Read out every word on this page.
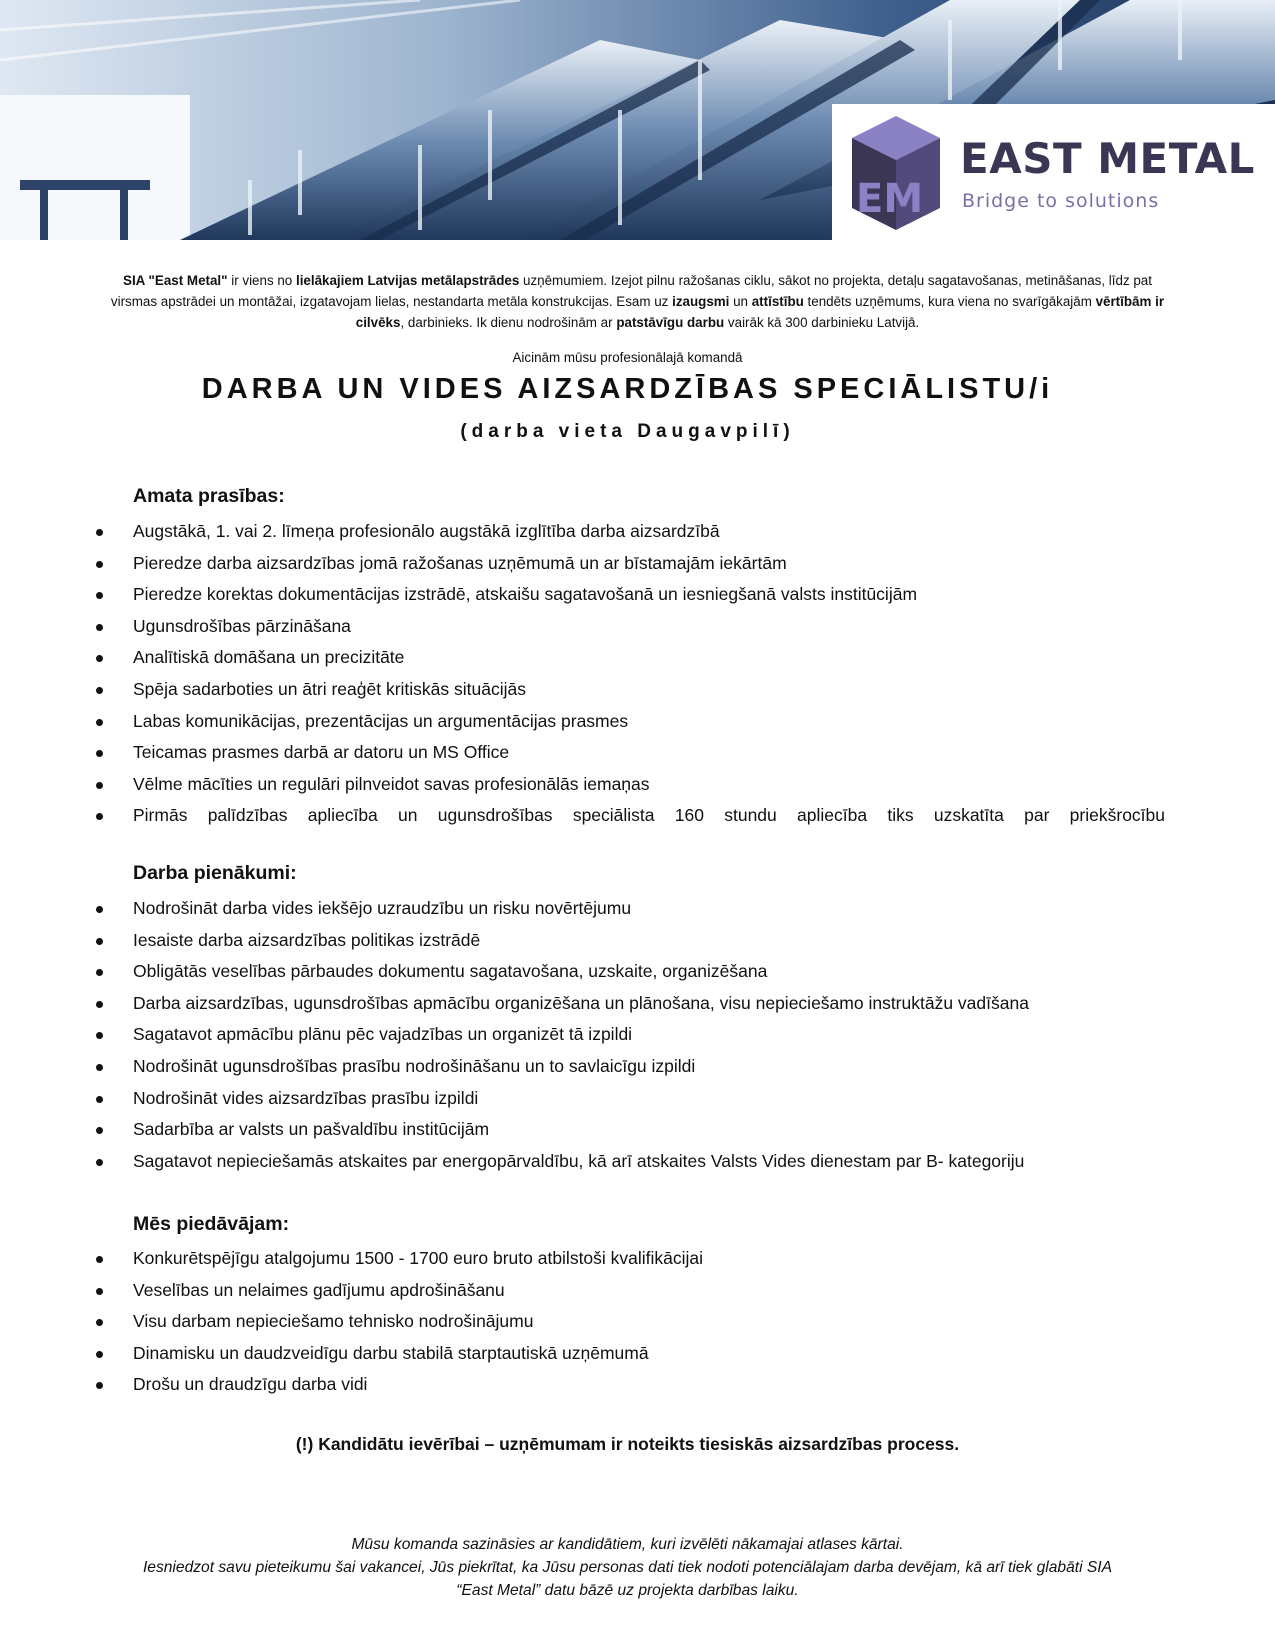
EM
EAST METAL
Bridge to solutions
SIA "East Metal" ir viens no lielākajiem Latvijas metālapstrādes uzņēmumiem. Izejot pilnu ražošanas ciklu, sākot no projekta, detaļu sagatavošanas, metināšanas, līdz pat virsmas apstrādei un montāžai, izgatavojam lielas, nestandarta metāla konstrukcijas. Esam uz izaugsmi un attīstību tendēts uzņēmums, kura viena no svarīgākajām vērtībām ir cilvēks, darbinieks. Ik dienu nodrošinām ar patstāvīgu darbu vairāk kā 300 darbinieku Latvijā.
Aicinām mūsu profesionālajā komandā
DARBA UN VIDES AIZSARDZĪBAS SPECIĀLISTU/i
(darba vieta Daugavpilī)
Amata prasības:
Augstākā, 1. vai 2. līmeņa profesionālo augstākā izglītība darba aizsardzībā
Pieredze darba aizsardzības jomā ražošanas uzņēmumā un ar bīstamajām iekārtām
Pieredze korektas dokumentācijas izstrādē, atskaišu sagatavošanā un iesniegšanā valsts institūcijām
Ugunsdrošības pārzināšana
Analītiskā domāšana un precizitāte
Spēja sadarboties un ātri reaģēt kritiskās situācijās
Labas komunikācijas, prezentācijas un argumentācijas prasmes
Teicamas prasmes darbā ar datoru un MS Office
Vēlme mācīties un regulāri pilnveidot savas profesionālās iemaņas
Pirmās palīdzības apliecība un ugunsdrošības speciālista 160 stundu apliecība tiks uzskatīta par priekšrocību
Darba pienākumi:
Nodrošināt darba vides iekšējo uzraudzību un risku novērtējumu
Iesaiste darba aizsardzības politikas izstrādē
Obligātās veselības pārbaudes dokumentu sagatavošana, uzskaite, organizēšana
Darba aizsardzības, ugunsdrošības apmācību organizēšana un plānošana, visu nepieciešamo instruktāžu vadīšana
Sagatavot apmācību plānu pēc vajadzības un organizēt tā izpildi
Nodrošināt ugunsdrošības prasību nodrošināšanu un to savlaicīgu izpildi
Nodrošināt vides aizsardzības prasību izpildi
Sadarbība ar valsts un pašvaldību institūcijām
Sagatavot nepieciešamās atskaites par energopārvaldību, kā arī atskaites Valsts Vides dienestam par B- kategoriju
Mēs piedāvājam:
Konkurētspējīgu atalgojumu 1500 - 1700 euro bruto atbilstoši kvalifikācijai
Veselības un nelaimes gadījumu apdrošināšanu
Visu darbam nepieciešamo tehnisko nodrošinājumu
Dinamisku un daudzveidīgu darbu stabilā starptautiskā uzņēmumā
Drošu un draudzīgu darba vidi
(!) Kandidātu ievērībai – uzņēmumam ir noteikts tiesiskās aizsardzības process.
Mūsu komanda sazināsies ar kandidātiem, kuri izvēlēti nākamajai atlases kārtai.
Iesniedzot savu pieteikumu šai vakancei, Jūs piekrītat, ka Jūsu personas dati tiek nodoti potenciālajam darba devējam, kā arī tiek glabāti SIA
“East Metal” datu bāzē uz projekta darbības laiku.
